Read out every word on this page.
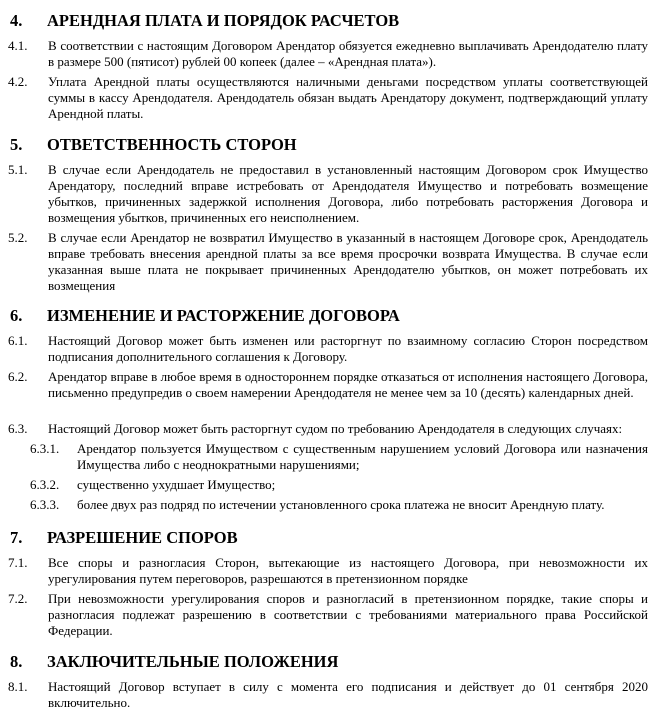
4. АРЕНДНАЯ ПЛАТА И ПОРЯДОК РАСЧЕТОВ
4.1. В соответствии с настоящим Договором Арендатор обязуется ежедневно выплачивать Арендодателю плату в размере 500 (пятисот) рублей 00 копеек (далее – «Арендная плата»).
4.2. Уплата Арендной платы осуществляются наличными деньгами посредством уплаты соответствующей суммы в кассу Арендодателя. Арендодатель обязан выдать Арендатору документ, подтверждающий уплату Арендной платы.
5. ОТВЕТСТВЕННОСТЬ СТОРОН
5.1. В случае если Арендодатель не предоставил в установленный настоящим Договором срок Имущество Арендатору, последний вправе истребовать от Арендодателя Имущество и потребовать возмещение убытков, причиненных задержкой исполнения Договора, либо потребовать расторжения Договора и возмещения убытков, причиненных его неисполнением.
5.2. В случае если Арендатор не возвратил Имущество в указанный в настоящем Договоре срок, Арендодатель вправе требовать внесения арендной платы за все время просрочки возврата Имущества. В случае если указанная выше плата не покрывает причиненных Арендодателю убытков, он может потребовать их возмещения
6. ИЗМЕНЕНИЕ И РАСТОРЖЕНИЕ ДОГОВОРА
6.1. Настоящий Договор может быть изменен или расторгнут по взаимному согласию Сторон посредством подписания дополнительного соглашения к Договору.
6.2. Арендатор вправе в любое время в одностороннем порядке отказаться от исполнения настоящего Договора, письменно предупредив о своем намерении Арендодателя не менее чем за 10 (десять) календарных дней.
6.3. Настоящий Договор может быть расторгнут судом по требованию Арендодателя в следующих случаях:
6.3.1. Арендатор пользуется Имуществом с существенным нарушением условий Договора или назначения Имущества либо с неоднократными нарушениями;
6.3.2. существенно ухудшает Имущество;
6.3.3. более двух раз подряд по истечении установленного срока платежа не вносит Арендную плату.
7. РАЗРЕШЕНИЕ СПОРОВ
7.1. Все споры и разногласия Сторон, вытекающие из настоящего Договора, при невозможности их урегулирования путем переговоров, разрешаются в претензионном порядке
7.2. При невозможности урегулирования споров и разногласий в претензионном порядке, такие споры и разногласия подлежат разрешению в соответствии с требованиями материального права Российской Федерации.
8. ЗАКЛЮЧИТЕЛЬНЫЕ ПОЛОЖЕНИЯ
8.1. Настоящий Договор вступает в силу с момента его подписания и действует до 01 сентября 2020 включительно.
